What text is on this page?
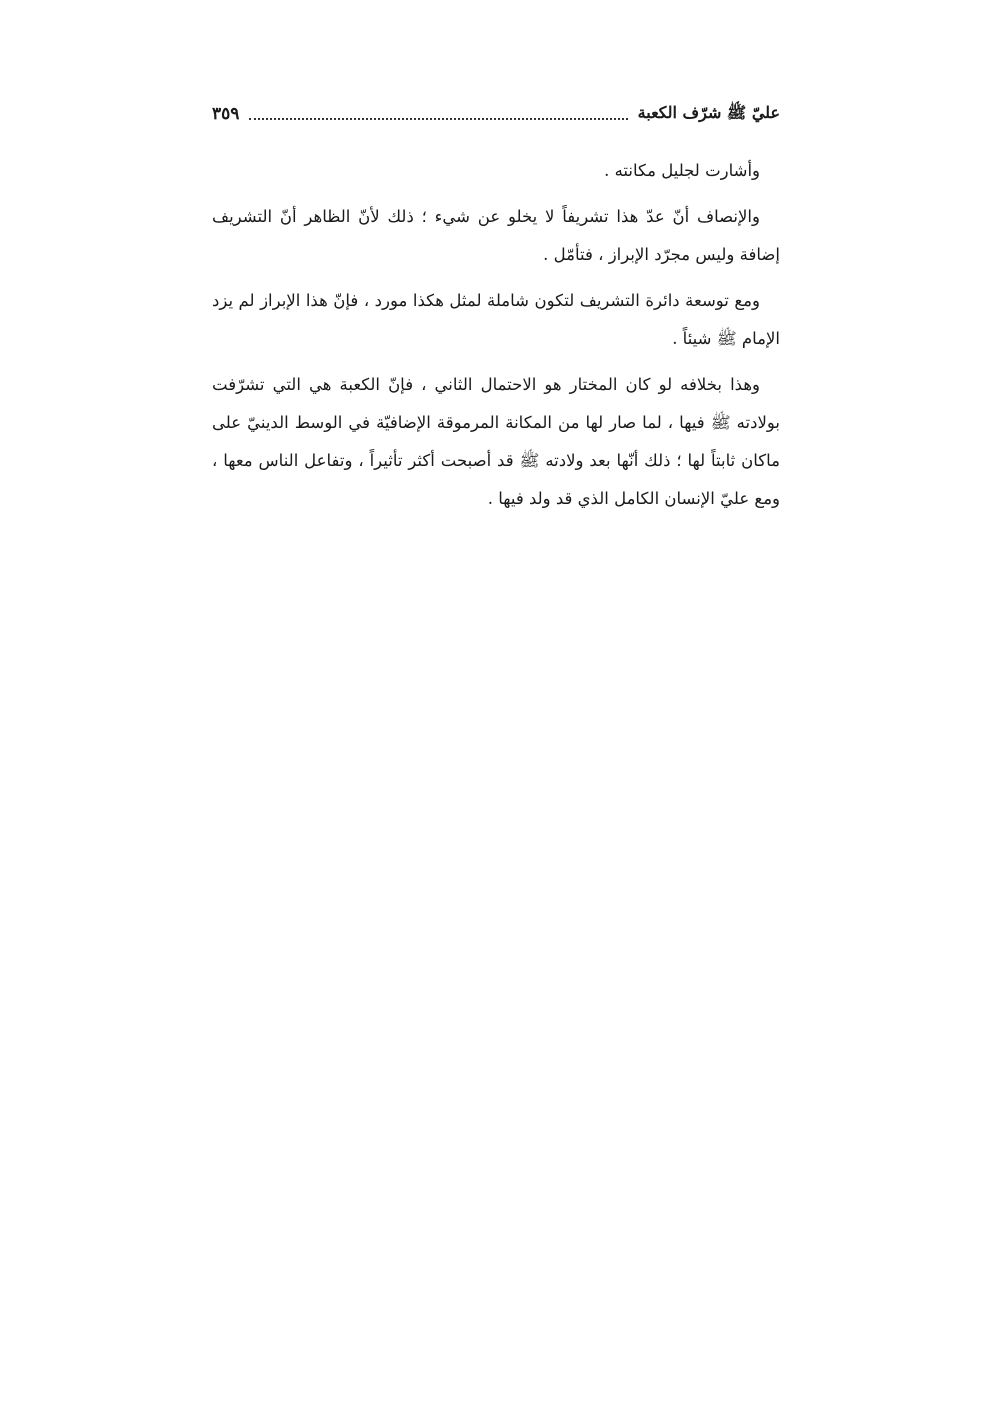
عليّ ﷺ شرّف الكعبة
٣٥٩

وأشارت لجليل مكانته .

والإنصاف أنّ عدّ هذا تشريفاً لا يخلو عن شيء ؛ ذلك لأنّ الظاهر أنّ التشريف إضافة وليس مجرّد الإبراز ، فتأمّل .

ومع توسعة دائرة التشريف لتكون شاملة لمثل هكذا مورد ، فإنّ هذا الإبراز لم يزد الإمام ﷺ شيئاً .

وهذا بخلافه لو كان المختار هو الاحتمال الثاني ، فإنّ الكعبة هي التي تشرّفت بولادته ﷺ فيها ، لما صار لها من المكانة المرموقة الإضافيّة في الوسط الدينيّ على ماكان ثابتاً لها ؛ ذلك أنّها بعد ولادته ﷺ قد أصبحت أكثر تأثيراً ، وتفاعل الناس معها ، ومع عليّ الإنسان الكامل الذي قد ولد فيها .
